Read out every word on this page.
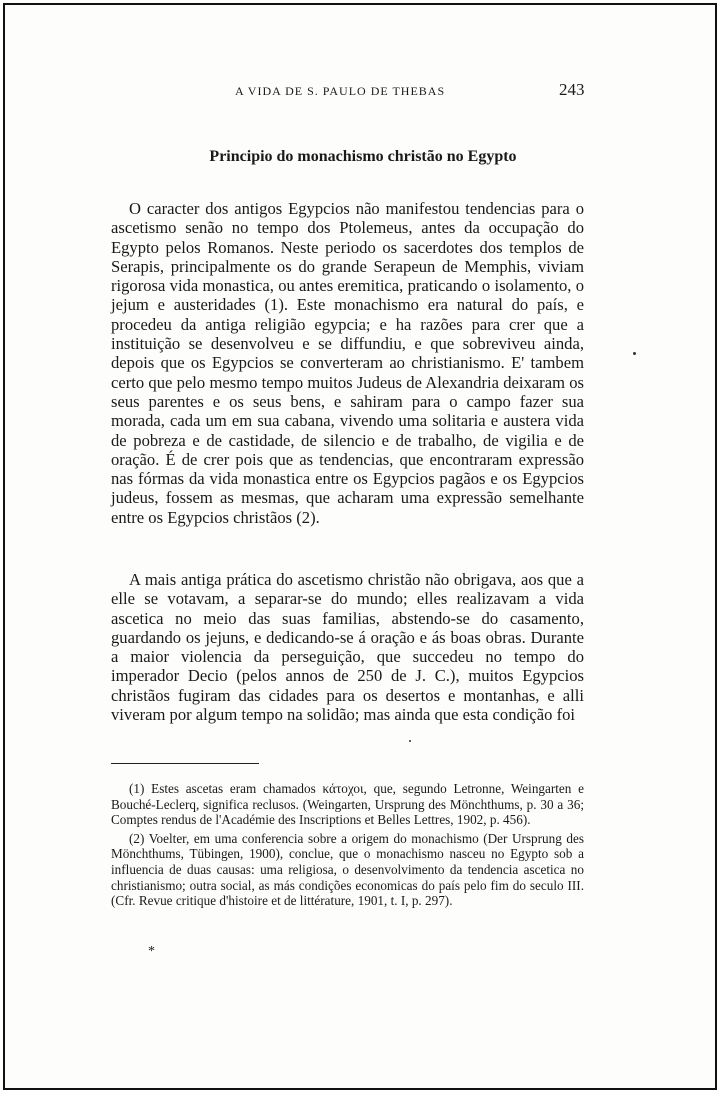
A VIDA DE S. PAULO DE THEBAS	243
Principio do monachismo christão no Egypto

O caracter dos antigos Egypcios não manifestou tendencias para o ascetismo senão no tempo dos Ptolemeus, antes da occupação do Egypto pelos Romanos. Neste periodo os sacerdotes dos templos de Serapis, principalmente os do grande Serapeun de Memphis, viviam rigorosa vida monastica, ou antes eremitica, praticando o isolamento, o jejum e austeridades (1). Este monachismo era natural do país, e procedeu da antiga religião egypcia; e ha razões para crer que a instituição se desenvolveu e se diffundiu, e que sobreviveu ainda, depois que os Egypcios se converteram ao christianismo. E' tambem certo que pelo mesmo tempo muitos Judeus de Alexandria deixaram os seus parentes e os seus bens, e sahiram para o campo fazer sua morada, cada um em sua cabana, vivendo uma solitaria e austera vida de pobreza e de castidade, de silencio e de trabalho, de vigilia e de oração. É de crer pois que as tendencias, que encontraram expressão nas fórmas da vida monastica entre os Egypcios pagãos e os Egypcios judeus, fossem as mesmas, que acharam uma expressão semelhante entre os Egypcios christãos (2).

A mais antiga prática do ascetismo christão não obrigava, aos que a elle se votavam, a separar-se do mundo; elles realizavam a vida ascetica no meio das suas familias, abstendo-se do casamento, guardando os jejuns, e dedicando-se á oração e ás boas obras. Durante a maior violencia da perseguição, que succedeu no tempo do imperador Decio (pelos annos de 250 de J. C.), muitos Egypcios christãos fugiram das cidades para os desertos e montanhas, e alli viveram por algum tempo na solidão; mas ainda que esta condição foi

(1) Estes ascetas eram chamados κάτοχοι, que, segundo Letronne, Weingarten e Bouché-Leclerq, significa reclusos. (Weingarten, Ursprung des Mönchthums, p. 30 a 36; Comptes rendus de l'Académie des Inscriptions et Belles Lettres, 1902, p. 456).

(2) Voelter, em uma conferencia sobre a origem do monachismo (Der Ursprung des Mönchthums, Tübingen, 1900), conclue, que o monachismo nasceu no Egypto sob a influencia de duas causas: uma religiosa, o desenvolvimento da tendencia ascetica no christianismo; outra social, as más condições economicas do país pelo fim do seculo III. (Cfr. Revue critique d'histoire et de littérature, 1901, t. I, p. 297).

*
